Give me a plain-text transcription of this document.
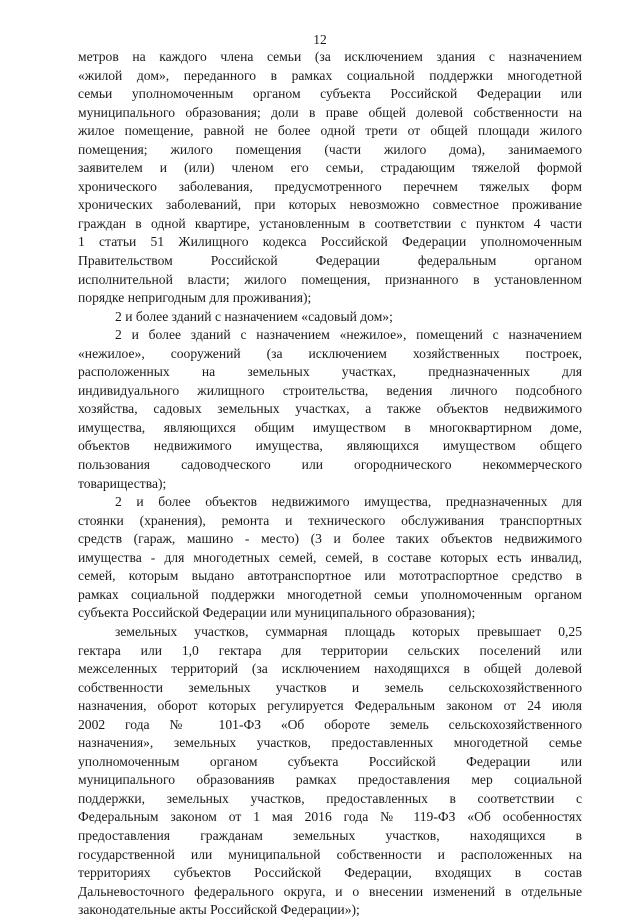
12
метров на каждого члена семьи (за исключением здания с назначением
«жилой дом», переданного в рамках социальной поддержки многодетной
семьи уполномоченным органом субъекта Российской Федерации или
муниципального образования; доли в праве общей долевой собственности на
жилое помещение, равной не более одной трети от общей площади жилого
помещения; жилого помещения (части жилого дома), занимаемого
заявителем и (или) членом его семьи, страдающим тяжелой формой
хронического заболевания, предусмотренного перечнем тяжелых форм
хронических заболеваний, при которых невозможно совместное проживание
граждан в одной квартире, установленным в соответствии с пунктом 4 части
1 статьи 51 Жилищного кодекса Российской Федерации уполномоченным
Правительством Российской Федерации федеральным органом
исполнительной власти; жилого помещения, признанного в установленном
порядке непригодным для проживания);
2 и более зданий с назначением «садовый дом»;
2 и более зданий с назначением «нежилое», помещений с назначением
«нежилое», сооружений (за исключением хозяйственных построек,
расположенных на земельных участках, предназначенных для
индивидуального жилищного строительства, ведения личного подсобного
хозяйства, садовых земельных участках, а также объектов недвижимого
имущества, являющихся общим имуществом в многоквартирном доме,
объектов недвижимого имущества, являющихся имуществом общего
пользования садоводческого или огороднического некоммерческого
товарищества);
2 и более объектов недвижимого имущества, предназначенных для
стоянки (хранения), ремонта и технического обслуживания транспортных
средств (гараж, машино - место) (3 и более таких объектов недвижимого
имущества - для многодетных семей, семей, в составе которых есть инвалид,
семей, которым выдано автотранспортное или мототраспортное средство в
рамках социальной поддержки многодетной семьи уполномоченным органом
субъекта Российской Федерации или муниципального образования);
земельных участков, суммарная площадь которых превышает 0,25
гектара или 1,0 гектара для территории сельских поселений или
межселенных территорий (за исключением находящихся в общей долевой
собственности земельных участков и земель сельскохозяйственного
назначения, оборот которых регулируется Федеральным законом от 24 июля
2002 года № 101-ФЗ «Об обороте земель сельскохозяйственного
назначения», земельных участков, предоставленных многодетной семье
уполномоченным органом субъекта Российской Федерации или
муниципального образованияв рамках предоставления мер социальной
поддержки, земельных участков, предоставленных в соответствии с
Федеральным законом от 1 мая 2016 года № 119-ФЗ «Об особенностях
предоставления гражданам земельных участков, находящихся в
государственной или муниципальной собственности и расположенных на
территориях субъектов Российской Федерации, входящих в состав
Дальневосточного федерального округа, и о внесении изменений в отдельные
законодательные акты Российской Федерации»);
